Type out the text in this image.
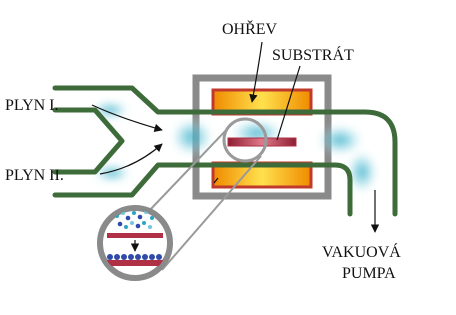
OHŘEV
SUBSTRÁT
PLYN I.
PLYN II.
VAKUOVÁ
PUMPA
